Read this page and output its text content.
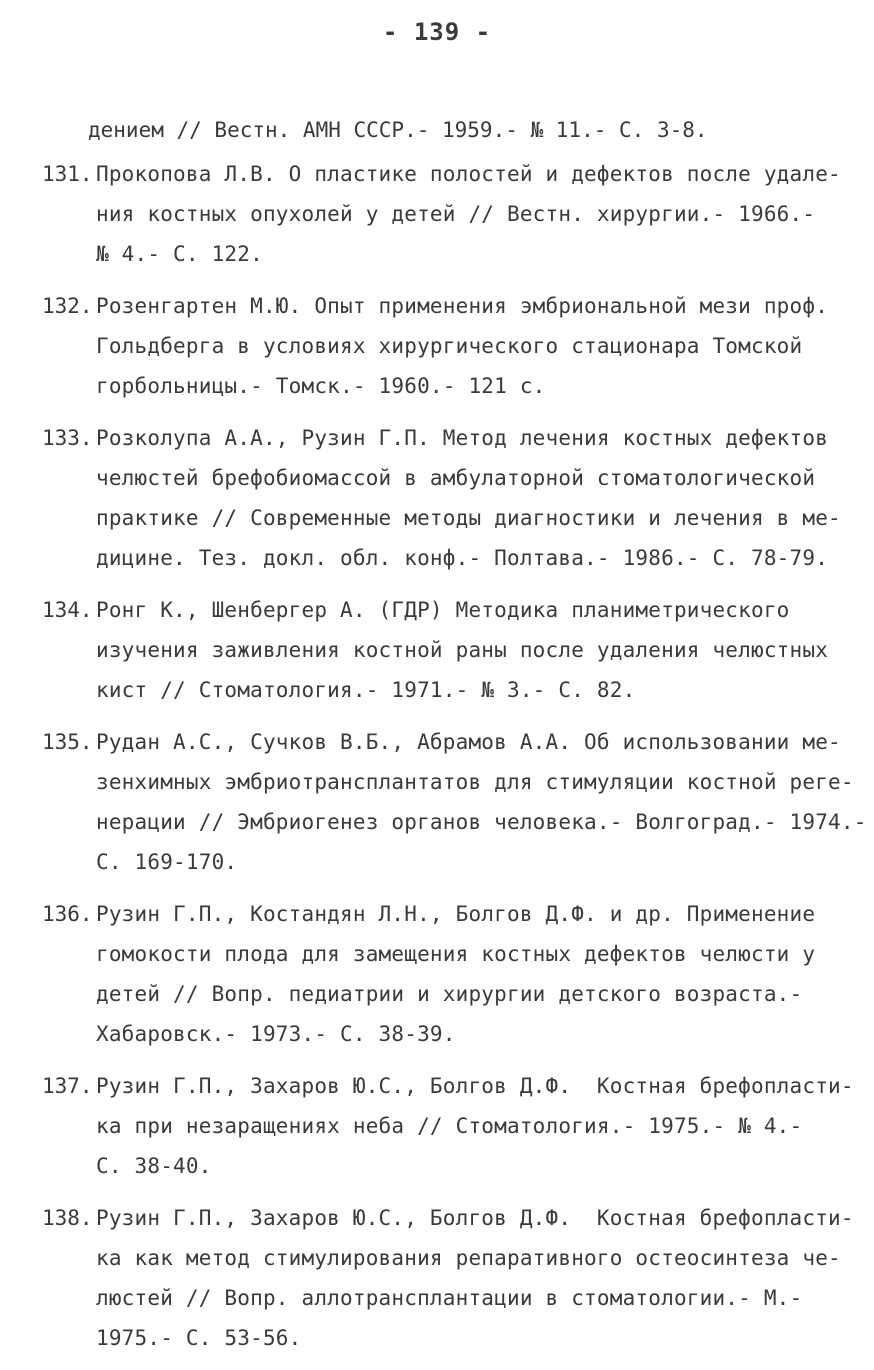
- 139 -
дением // Вестн. АМН СССР.- 1959.- № 11.- С. 3-8.
131. Прокопова Л.В. О пластике полостей и дефектов после удале-
ния костных опухолей у детей // Вестн. хирургии.- 1966.-
№ 4.- С. 122.
132. Розенгартен М.Ю. Опыт применения эмбриональной мези проф.
Гольдберга в условиях хирургического стационара Томской
горбольницы.- Томск.- 1960.- 121 с.
133. Розколупа А.А., Рузин Г.П. Метод лечения костных дефектов
челюстей брефобиомассой в амбулаторной стоматологической
практике // Современные методы диагностики и лечения в ме-
дицине. Тез. докл. обл. конф.- Полтава.- 1986.- С. 78-79.
134. Ронг К., Шенбергер А. (ГДР) Методика планиметрического
изучения заживления костной раны после удаления челюстных
кист // Стоматология.- 1971.- № 3.- С. 82.
135. Рудан А.С., Сучков В.Б., Абрамов А.А. Об использовании ме-
зенхимных эмбриотрансплантатов для стимуляции костной реге-
нерации // Эмбриогенез органов человека.- Волгоград.- 1974.-
С. 169-170.
136. Рузин Г.П., Костандян Л.Н., Болгов Д.Ф. и др. Применение
гомокости плода для замещения костных дефектов челюсти у
детей // Вопр. педиатрии и хирургии детского возраста.-
Хабаровск.- 1973.- С. 38-39.
137. Рузин Г.П., Захаров Ю.С., Болгов Д.Ф.  Костная брефопласти-
ка при незаращениях неба // Стоматология.- 1975.- № 4.-
С. 38-40.
138. Рузин Г.П., Захаров Ю.С., Болгов Д.Ф.  Костная брефопласти-
ка как метод стимулирования репаративного остеосинтеза че-
люстей // Вопр. аллотрансплантации в стоматологии.- М.-
1975.- С. 53-56.
